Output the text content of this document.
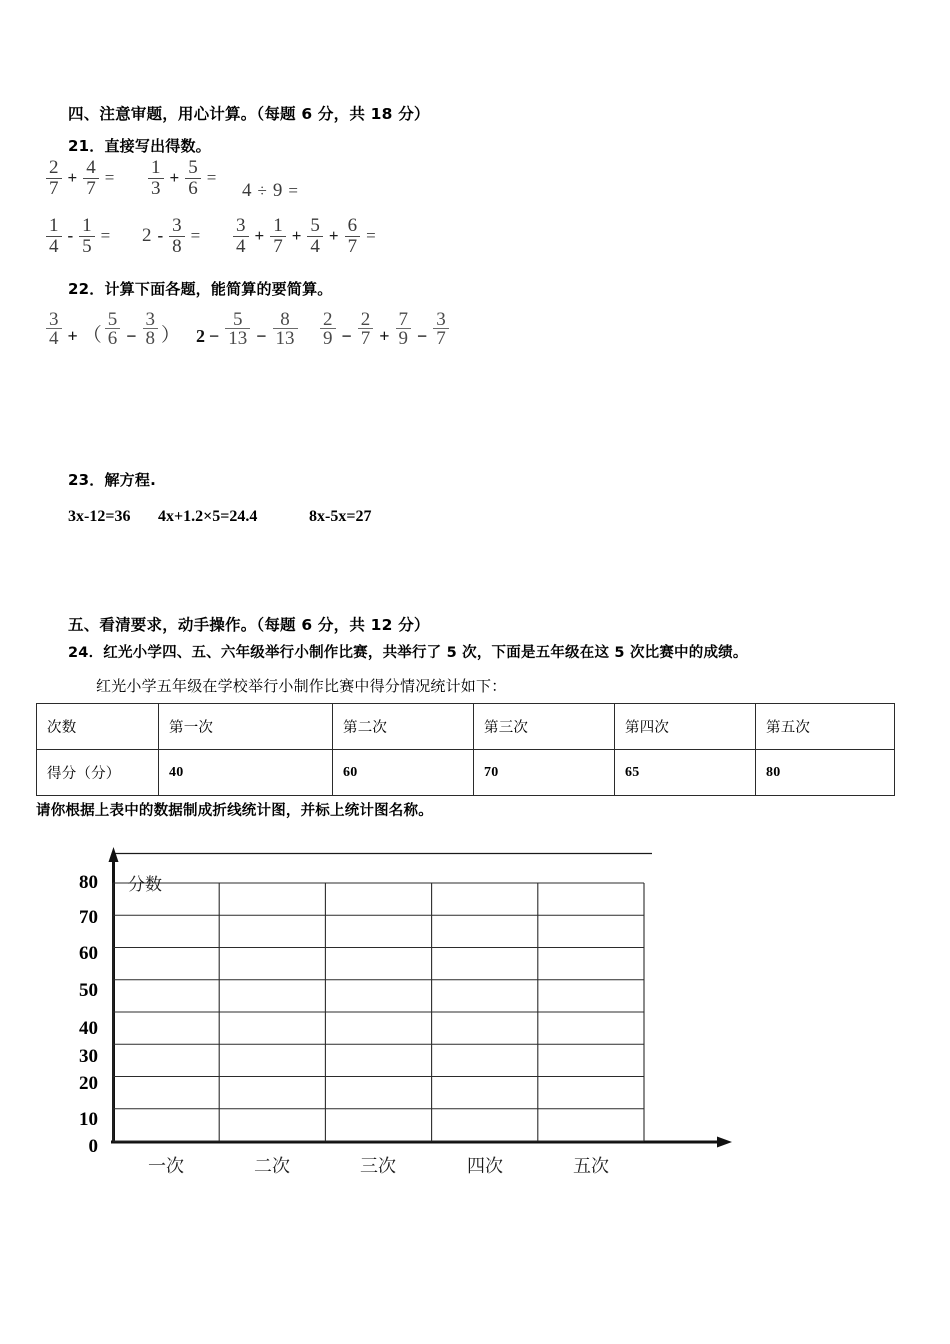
四、注意审题，用心计算。（每题 6 分，共 18 分）
21．直接写出得数。
$\frac{2}{7} + \frac{4}{7} = \frac{1}{3} + \frac{5}{6}$ =
4 ÷ 9 =
$\frac{1}{4} - \frac{1}{5} = 2 - \frac{3}{8} = \frac{3}{4} + \frac{1}{7} + \frac{5}{4} + \frac{6}{7}$ =
22．计算下面各题，能简算的要简算。
3
4 + （
5
$6 - \frac{3}{8}$ ） $2 - \frac{5}{13} - \frac{8}{13} 2$
$9 - \frac{2}{7} + \frac{7}{9} - \frac{3}{7}$
23．解方程.
3x-12=36 4x+1.2×5=24.4	8x-5x=27
五、看清要求，动手操作。（每题 6 分，共 12 分）
24．红光小学四、五、六年级举行小制作比赛，共举行了 5 次，下面是五年级在这 5 次比赛中的成绩。
红光小学五年级在学校举行小制作比赛中得分情况统计如下：
次数	第一次	第二次	第三次	第四次	第五次
得分（分）	40	60	70	65	80
请你根据上表中的数据制成折线统计图，并标上统计图名称。
分数
80
70
60
50
40
30
20
10
0
一次	二次	三次	四次	五次
